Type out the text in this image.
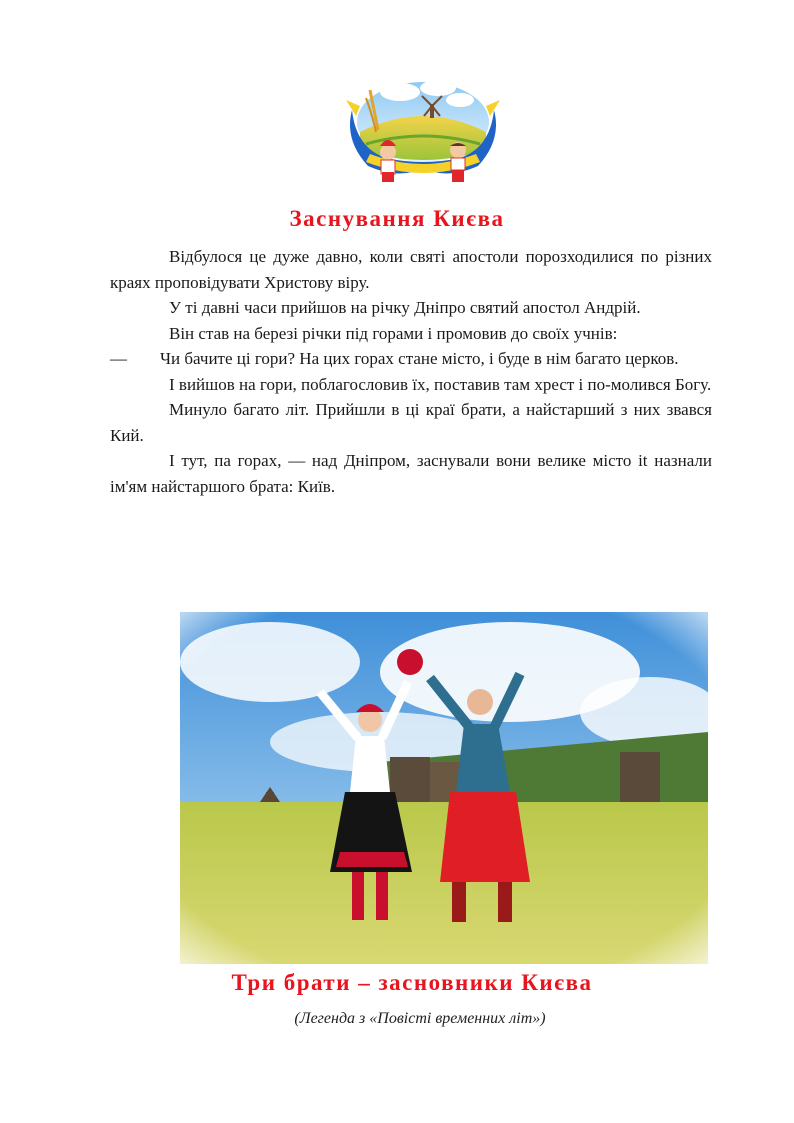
Заснування Києва

Відбулося це дуже давно, коли святі апостоли порозходилися по різних краях проповідувати Христову віру.

У ті давні часи прийшов на річку Дніпро святий апостол Андрій.

Він став на березі річки під горами і промовив до своїх учнів:

— Чи бачите ці гори? На цих горах стане місто, і буде в нім багато церков.

І вийшов на гори, поблагословив їх, поставив там хрест і по-молився Богу.

Минуло багато літ. Прийшли в ці краї брати, а найстарший з них звався Кий.

І тут, па горах, — над Дніпром, заснували вони велике місто іt назнали ім'ям найстаршого брата: Київ.

Три брати – засновники Києва
(Легенда з «Повісті временних літ»)
